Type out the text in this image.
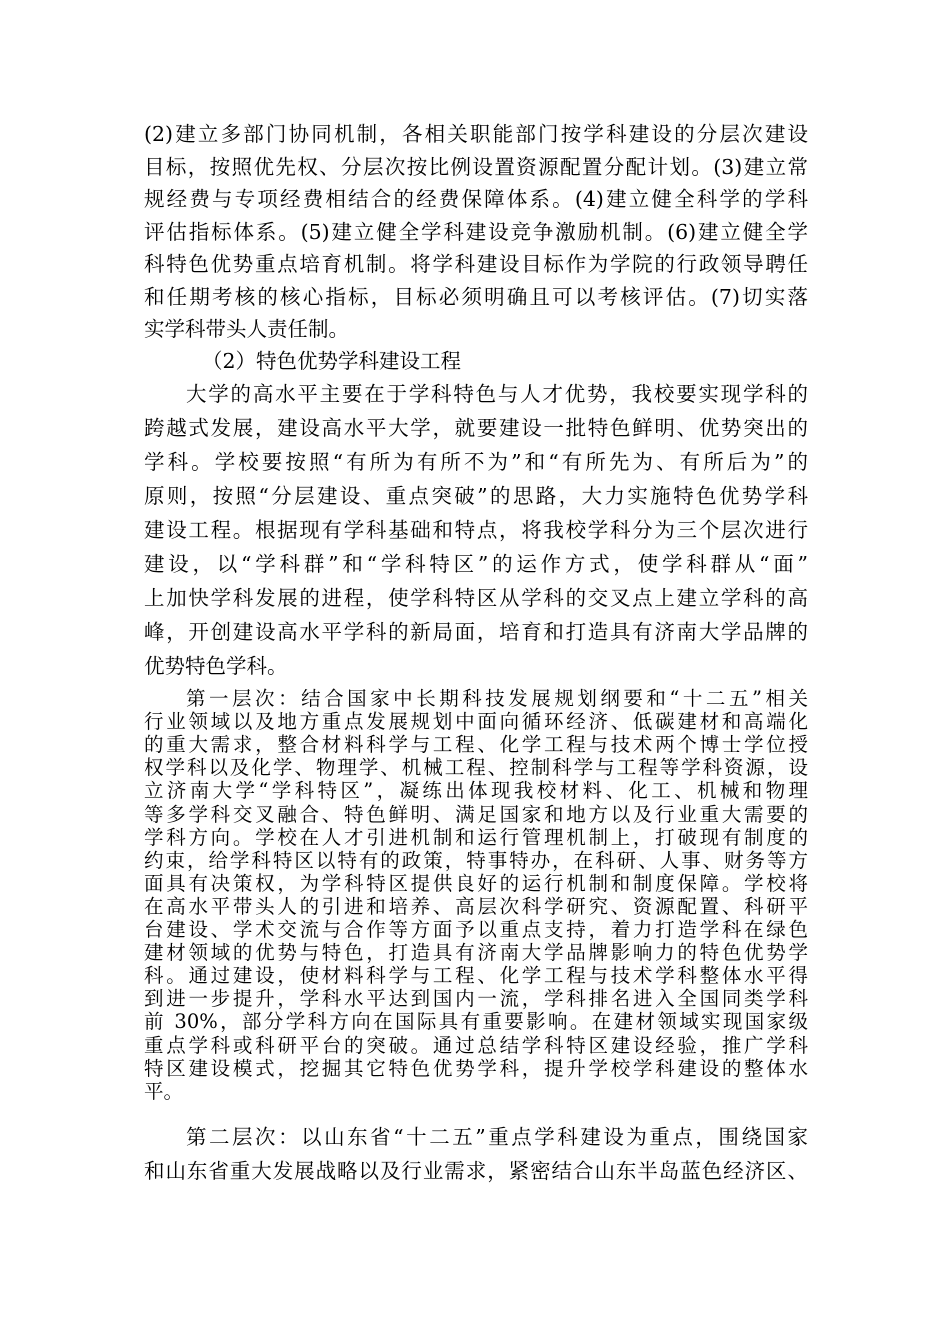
(2)建立多部门协同机制，各相关职能部门按学科建设的分层次建设
目标，按照优先权、分层次按比例设置资源配置分配计划。(3)建立常
规经费与专项经费相结合的经费保障体系。(4)建立健全科学的学科
评估指标体系。(5)建立健全学科建设竞争激励机制。(6)建立健全学
科特色优势重点培育机制。将学科建设目标作为学院的行政领导聘任
和任期考核的核心指标，目标必须明确且可以考核评估。(7)切实落
实学科带头人责任制。
（2）特色优势学科建设工程
大学的高水平主要在于学科特色与人才优势，我校要实现学科的
跨越式发展，建设高水平大学，就要建设一批特色鲜明、优势突出的
学科。学校要按照“有所为有所不为”和“有所先为、有所后为”的
原则，按照“分层建设、重点突破”的思路，大力实施特色优势学科
建设工程。根据现有学科基础和特点，将我校学科分为三个层次进行
建设，以“学科群”和“学科特区”的运作方式，使学科群从“面”
上加快学科发展的进程，使学科特区从学科的交叉点上建立学科的高
峰，开创建设高水平学科的新局面，培育和打造具有济南大学品牌的
优势特色学科。
第一层次：结合国家中长期科技发展规划纲要和“十二五”相关
行业领域以及地方重点发展规划中面向循环经济、低碳建材和高端化
的重大需求，整合材料科学与工程、化学工程与技术两个博士学位授
权学科以及化学、物理学、机械工程、控制科学与工程等学科资源，设
立济南大学“学科特区”，凝练出体现我校材料、化工、机械和物理
等多学科交叉融合、特色鲜明、满足国家和地方以及行业重大需要的
学科方向。学校在人才引进机制和运行管理机制上，打破现有制度的
约束，给学科特区以特有的政策，特事特办，在科研、人事、财务等方
面具有决策权，为学科特区提供良好的运行机制和制度保障。学校将
在高水平带头人的引进和培养、高层次科学研究、资源配置、科研平
台建设、学术交流与合作等方面予以重点支持，着力打造学科在绿色
建材领域的优势与特色，打造具有济南大学品牌影响力的特色优势学
科。通过建设，使材料科学与工程、化学工程与技术学科整体水平得
到进一步提升，学科水平达到国内一流，学科排名进入全国同类学科
前 30%，部分学科方向在国际具有重要影响。在建材领域实现国家级
重点学科或科研平台的突破。通过总结学科特区建设经验，推广学科
特区建设模式，挖掘其它特色优势学科，提升学校学科建设的整体水
平。
第二层次：以山东省“十二五”重点学科建设为重点，围绕国家
和山东省重大发展战略以及行业需求，紧密结合山东半岛蓝色经济区、
